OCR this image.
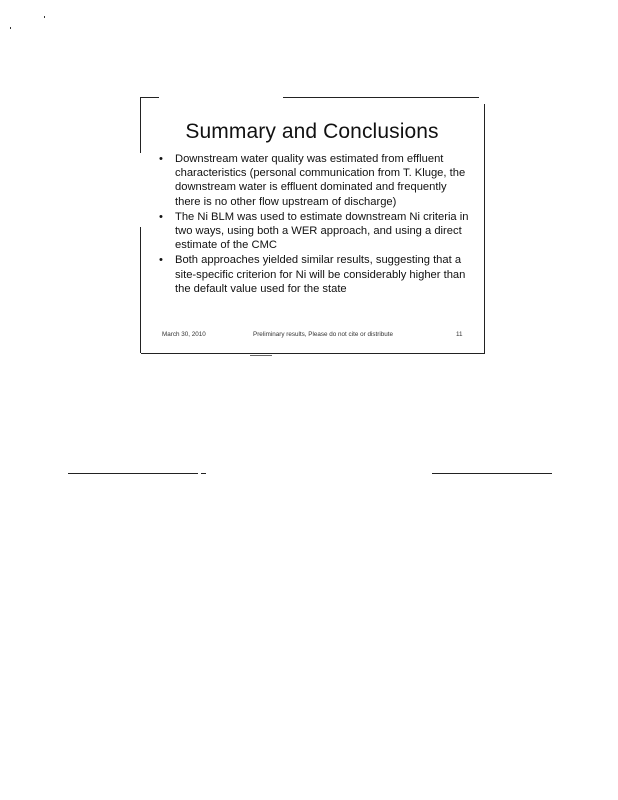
Summary and Conclusions
• Downstream water quality was estimated from effluent characteristics (personal communication from T. Kluge, the downstream water is effluent dominated and frequently there is no other flow upstream of discharge)
• The Ni BLM was used to estimate downstream Ni criteria in two ways, using both a WER approach, and using a direct estimate of the CMC
• Both approaches yielded similar results, suggesting that a site-specific criterion for Ni will be considerably higher than the default value used for the state
March 30, 2010	Preliminary results, Please do not cite or distribute	11
